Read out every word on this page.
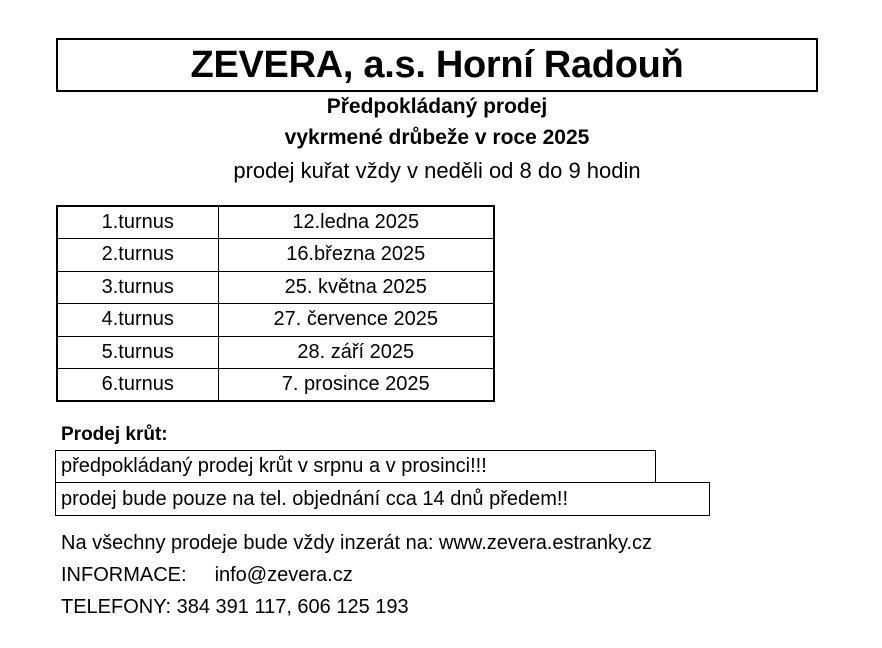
ZEVERA, a.s. Horní Radouň
Předpokládaný prodej
vykrmené drůbeže v roce 2025
prodej kuřat vždy v neděli od 8 do 9 hodin
1.turnus	12.ledna 2025
2.turnus	16.března 2025
3.turnus	25. května 2025
4.turnus	27. července 2025
5.turnus	28. září 2025
6.turnus	7. prosince 2025
Prodej krůt:
předpokládaný prodej krůt v srpnu a v prosinci!!!
prodej bude pouze na tel. objednání cca 14 dnů předem!!
Na všechny prodeje bude vždy inzerát na: www.zevera.estranky.cz
INFORMACE: info@zevera.cz
TELEFONY: 384 391 117, 606 125 193
